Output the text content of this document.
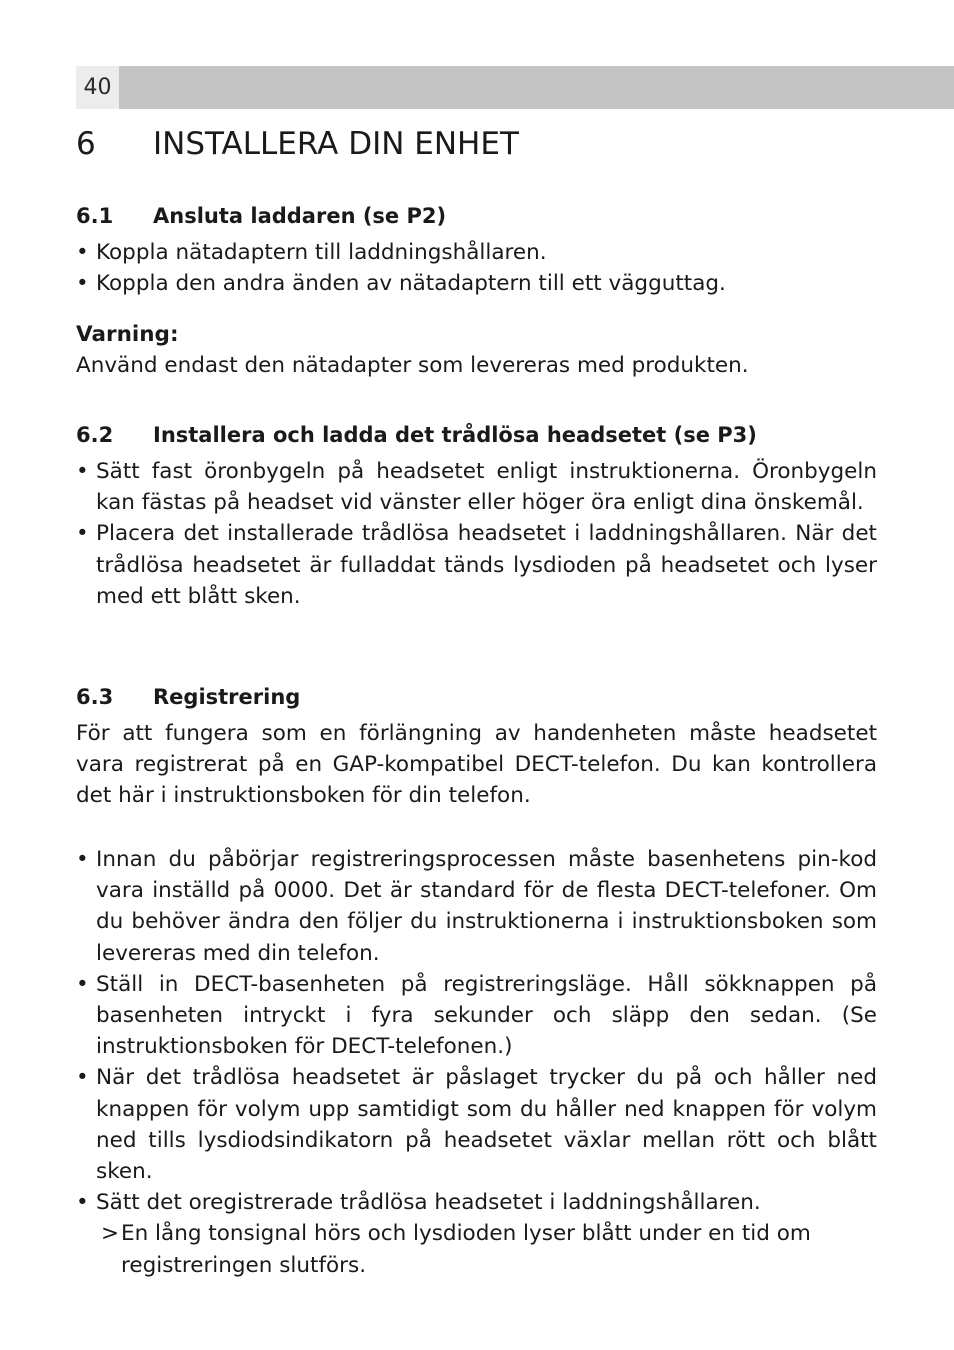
40
6 INSTALLERA DIN ENHET
6.1 Ansluta laddaren (se P2)
• Koppla nätadaptern till laddningshållaren.
• Koppla den andra änden av nätadaptern till ett vägguttag.
Varning:
Använd endast den nätadapter som levereras med produkten.
6.2 Installera och ladda det trådlösa headsetet (se P3)
• Sätt fast öronbygeln på headsetet enligt instruktionerna. Öronbygeln kan fästas på headset vid vänster eller höger öra enligt dina önskemål.
• Placera det installerade trådlösa headsetet i laddningshållaren. När det trådlösa headsetet är fulladdat tänds lysdioden på headsetet och lyser med ett blått sken.
6.3 Registrering

För att fungera som en förlängning av handenheten måste headsetet vara registrerat på en GAP-kompatibel DECT-telefon. Du kan kontrollera det här i instruktionsboken för din telefon.

• Innan du påbörjar registreringsprocessen måste basenhetens pin-kod vara inställd på 0000. Det är standard för de flesta DECT-telefoner. Om du behöver ändra den följer du instruktionerna i instruktionsboken som levereras med din telefon.
• Ställ in DECT-basenheten på registreringsläge. Håll sökknappen på basenheten intryckt i fyra sekunder och släpp den sedan. (Se instruktionsboken för DECT-telefonen.)
• När det trådlösa headsetet är påslaget trycker du på och håller ned knappen för volym upp samtidigt som du håller ned knappen för volym ned tills lysdiodsindikatorn på headsetet växlar mellan rött och blått sken.
• Sätt det oregistrerade trådlösa headsetet i laddningshållaren.
> En lång tonsignal hörs och lysdioden lyser blått under en tid om registreringen slutförs.
